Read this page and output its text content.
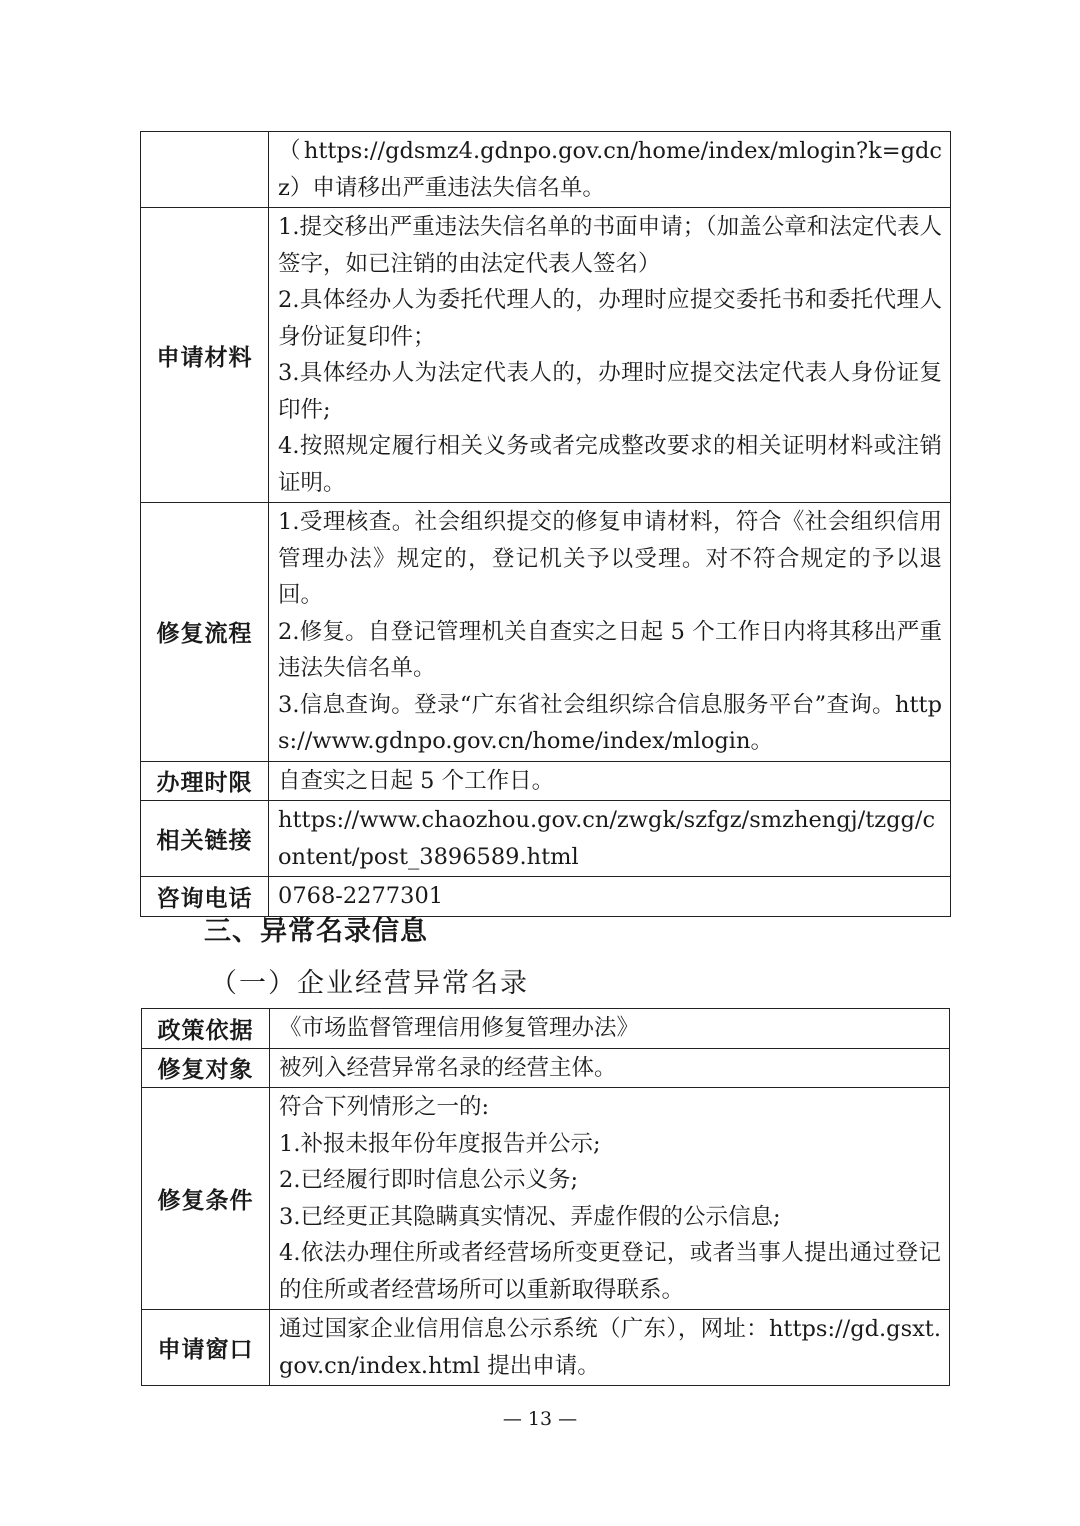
	（https://gdsmz4.gdnpo.gov.cn/home/index/mlogin?k=gdcz）申请移出严重违法失信名单。
申请材料	1.提交移出严重违法失信名单的书面申请；（加盖公章和法定代表人签字，如已注销的由法定代表人签名）
2.具体经办人为委托代理人的，办理时应提交委托书和委托代理人身份证复印件；
3.具体经办人为法定代表人的，办理时应提交法定代表人身份证复印件;
4.按照规定履行相关义务或者完成整改要求的相关证明材料或注销证明。

修复流程	1.受理核查。社会组织提交的修复申请材料，符合《社会组织信用管理办法》规定的，登记机关予以受理。对不符合规定的予以退回。
2.修复。自登记管理机关自查实之日起 5 个工作日内将其移出严重违法失信名单。
3.信息查询。登录“广东省社会组织综合信息服务平台”查询。https://www.gdnpo.gov.cn/home/index/mlogin。

办理时限	自查实之日起 5 个工作日。
相关链接	https://www.chaozhou.gov.cn/zwgk/szfgz/smzhengj/tzgg/content/post_3896589.html
咨询电话	0768-2277301
三、异常名录信息
（一）企业经营异常名录
政策依据	《市场监督管理信用修复管理办法》
修复对象	被列入经营异常名录的经营主体。
修复条件	符合下列情形之一的:
1.补报未报年份年度报告并公示;
2.已经履行即时信息公示义务;
3.已经更正其隐瞒真实情况、弄虚作假的公示信息;
4.依法办理住所或者经营场所变更登记，或者当事人提出通过登记的住所或者经营场所可以重新取得联系。

申请窗口	通过国家企业信用信息公示系统（广东），网址：https://gd.gsxt.gov.cn/index.html 提出申请。
— 13 —
